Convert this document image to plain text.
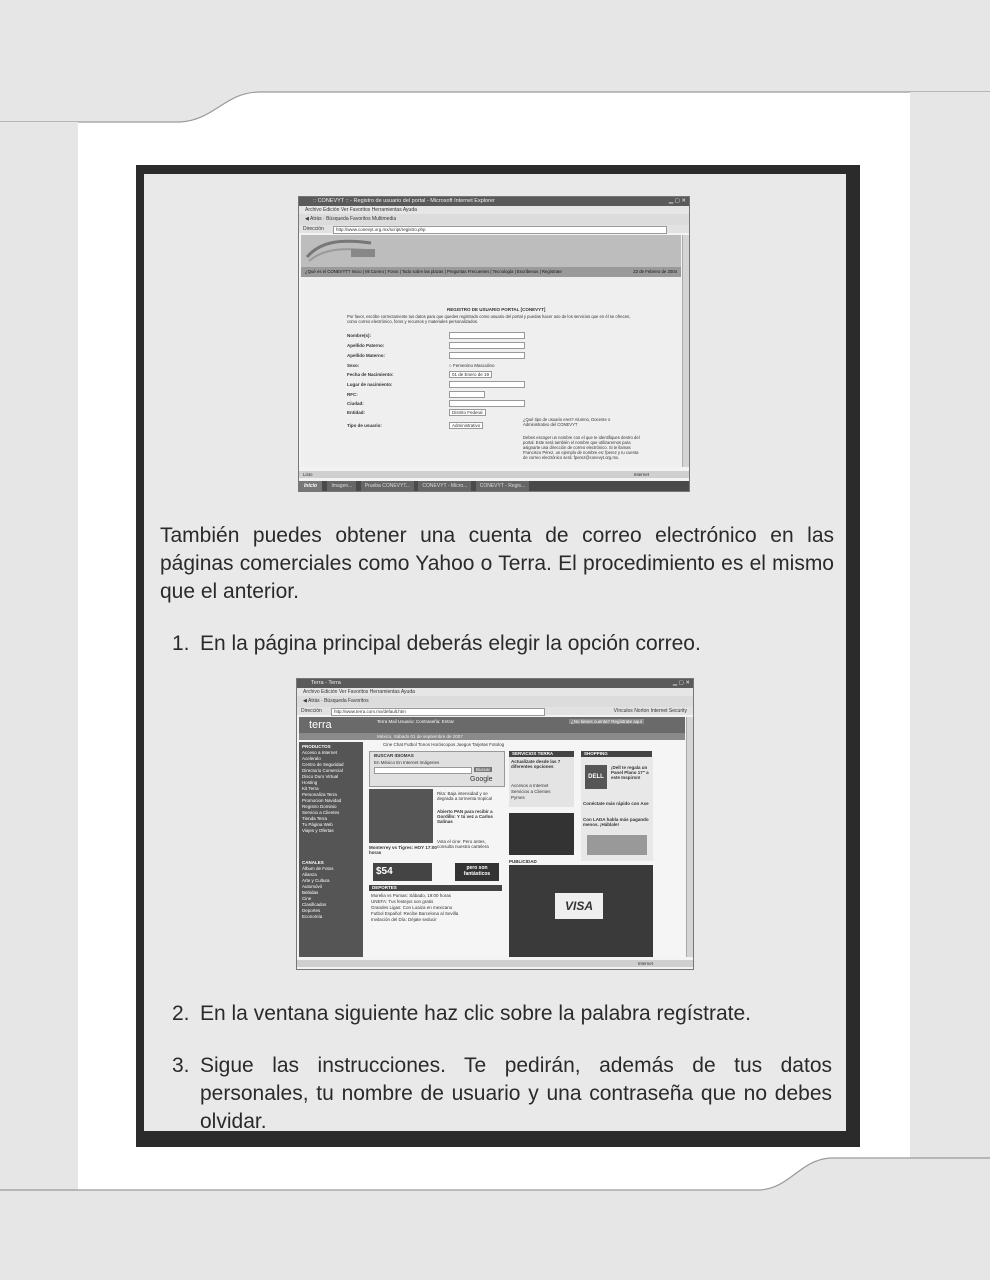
:: CONEVYT :: - Registro de usuario del portal - Microsoft Internet Explorer	▁ ▢ ✕
Archivo Edición Ver Favoritos Herramientas Ayuda
◀ Atrás · Búsqueda Favoritos Multimedia
Dirección	http://www.conevyt.org.mx/script/registro.php
¿Qué es el CONEVYT? Inicio | Mi Correo | Foros | Todo sobre las plazas | Preguntas Frecuentes | Tecnología | Escríbenos | Regístrate	23 de Febrero de 2004
REGISTRO DE USUARIO PORTAL [CONEVYT]
Por favor, escribe correctamente tus datos para que quedes registrado como usuario del portal y puedas hacer uso de los servicios que en él se ofrecen, como correo electrónico, foros y recursos y materiales personalizados.
Nombre(s):
Apellido Paterno:
Apellido Materno:
Sexo:	○ Femenino Masculino
Fecha de Nacimiento:	01 de Enero de 19
Lugar de nacimiento:
RFC:
Ciudad:
Entidad:	Distrito Federal
Tipo de usuario:	Administrativo
¿Qué tipo de usuario eres? Alumno, Docente o Administrativo del CONEVYT
Debes escoger un nombre con el que te identifiques dentro del portal. Este será también el nombre que utilizaremos para asignarte una dirección de correo electrónico. Si te llamas Francisco Pérez, un ejemplo de nombre es: fperez y tu cuenta de correo electrónico será: fperez@conevyt.org.mx.
Listo	Internet
Inicio	Imagen... Prueba CONEVYT... CONEVYT - Micro... CONEVYT - Regis...
También puedes obtener una cuenta de correo electrónico en las páginas comerciales como Yahoo o Terra. El procedimiento es el mismo que el anterior.
1. En la página principal deberás elegir la opción correo.
Terra - Terra	▁ ▢ ✕
Archivo Edición Ver Favoritos Herramientas Ayuda
◀ Atrás · Búsqueda Favoritos
Dirección	http://www.terra.com.mx/default.htm	Vínculos Norton Internet Security
terra	Terra Mail Usuario: Contraseña: Entrar	¿No tienes cuenta? Regístrate aquí
México, Sábado 01 de septiembre de 2007
Cine Chat Futbol Tonos Horóscopos Juegos Tarjetas Fotolog
PRODUCTOS
Acceso a Internet
Aceleralo
Centro de Seguridad
Directorio Comercial
Disco Duro Virtual
Hosting
Kit Terra
Personaliza Terra
Promocion Navidad
Registro Dominio
Servicio a Clientes
Tienda Terra
Tu Página Web
Viajes y Ofertas
CANALES
Álbum de Fotos
Alianza
Arte y Cultura
Automóvil
Bebidas
Cine
Clasificados
Deportes
Economía
BUSCAR IDIOMAS
En México En Internet Imágenes
Buscar
Google
SERVICIOS TERRA
Actualízate desde las 7 diferentes opciones
Accesos a Internet
Servicios a Clientes
Pymes
SHOPPING
DELL
¡Dell te regala un Panel Plano 17" a este Inspiron!
Conéctate más rápido con Axe
Con LADA habla más pagando menos. ¡Háblale!
Rita: Baja intensidad y se degrada a tormenta tropical
Abierto PAN para recibir a Gordillo: Y tú vez a Carlos Salinas
Monterrey vs Tigres: HOY 17:00 horas
Vota el cine: Pero antes, consulta nuestra cartelera
$54	pero son fantásticos
DEPORTES
Morelia vs Pumas: Sábado, 19:00 horas
UNEFA: Tus festejos son gratis
Grandes Ligas: Con Loaiza en mexicano
Futbol Español: Recibe Barcelona al Sevilla
Invitación del Día: Déjate seducir
PUBLICIDAD
VISA
Internet
2. En la ventana siguiente haz clic sobre la palabra regístrate.
3. Sigue las instrucciones. Te pedirán, además de tus datos personales, tu nombre de usuario y una contraseña que no debes olvidar.
